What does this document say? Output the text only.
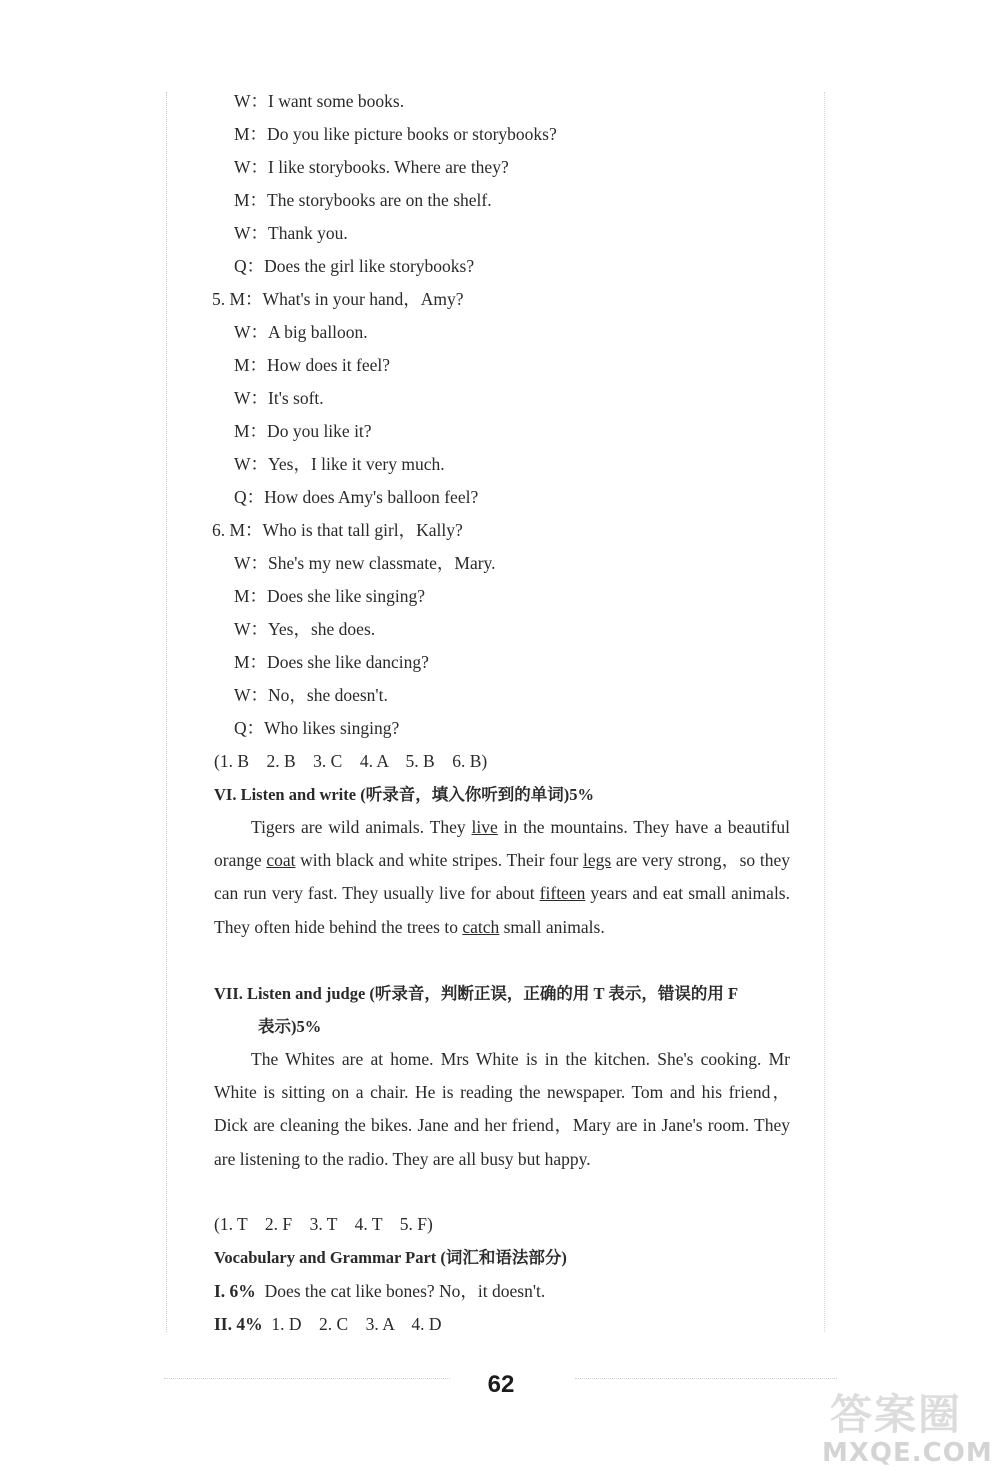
W：I want some books.
M：Do you like picture books or storybooks?
W：I like storybooks. Where are they?
M：The storybooks are on the shelf.
W：Thank you.
Q：Does the girl like storybooks?
5. M：What's in your hand，Amy?
W：A big balloon.
M：How does it feel?
W：It's soft.
M：Do you like it?
W：Yes，I like it very much.
Q：How does Amy's balloon feel?
6. M：Who is that tall girl，Kally?
W：She's my new classmate，Mary.
M：Does she like singing?
W：Yes，she does.
M：Does she like dancing?
W：No，she doesn't.
Q：Who likes singing?
(1. B　2. B　3. C　4. A　5. B　6. B)
VI. Listen and write (听录音，填入你听到的单词)5%
Tigers are wild animals. They live in the mountains. They have a beautiful orange coat with black and white stripes. Their four legs are very strong，so they can run very fast. They usually live for about fifteen years and eat small animals. They often hide behind the trees to catch small animals.
VII. Listen and judge (听录音，判断正误，正确的用 T 表示，错误的用 F
表示)5%
The Whites are at home. Mrs White is in the kitchen. She's cooking. Mr White is sitting on a chair. He is reading the newspaper. Tom and his friend，Dick are cleaning the bikes. Jane and her friend，Mary are in Jane's room. They are listening to the radio. They are all busy but happy.
(1. T　2. F　3. T　4. T　5. F)
Vocabulary and Grammar Part (词汇和语法部分)
I. 6% Does the cat like bones? No，it doesn't.
II. 4% 1. D　2. C　3. A　4. D
62
答案圈
MXQE.COM
